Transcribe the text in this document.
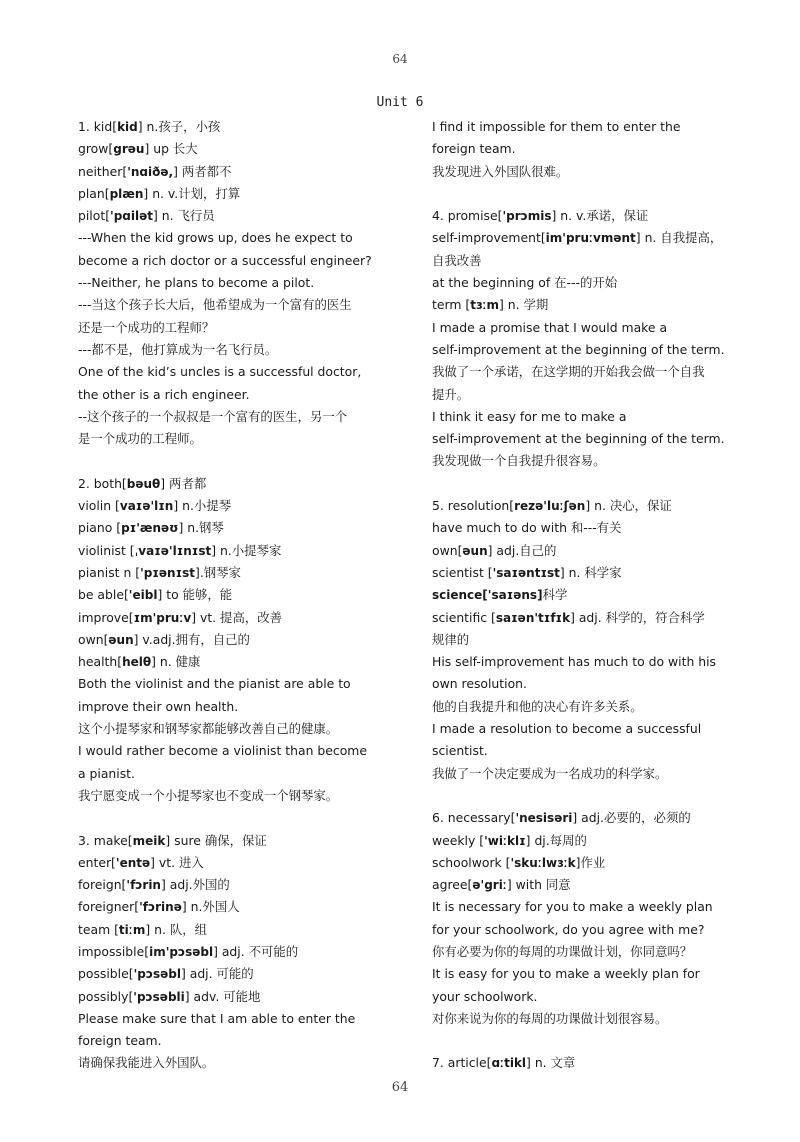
64
Unit 6
1. kid[kid] n.孩子，小孩
grow[grəu] up 长大
neither['nɑiðə,] 两者都不
plan[plæn] n. v.计划，打算
pilot['pɑilət] n. 飞行员
---When the kid grows up, does he expect to
become a rich doctor or a successful engineer?
---Neither, he plans to become a pilot.
---当这个孩子长大后，他希望成为一个富有的医生
还是一个成功的工程师？
---都不是，他打算成为一名飞行员。
One of the kid’s uncles is a successful doctor,
the other is a rich engineer.
--这个孩子的一个叔叔是一个富有的医生，另一个
是一个成功的工程师。
2. both[bəuθ] 两者都
violin [vaɪə'lɪn] n.小提琴
piano [pɪ'ænəʊ] n.钢琴
violinist [ˌvaɪə'lɪnɪst] n.小提琴家
pianist n ['pɪənɪst].钢琴家
be able['eibl] to 能够，能
improve[ɪm'pruːv] vt. 提高，改善
own[əun] v.adj.拥有，自己的
health[helθ] n. 健康
Both the violinist and the pianist are able to
improve their own health.
这个小提琴家和钢琴家都能够改善自己的健康。
I would rather become a violinist than become
a pianist.
我宁愿变成一个小提琴家也不变成一个钢琴家。
3. make[meik] sure 确保，保证
enter['entə] vt. 进入
foreign['fɔrin] adj.外国的
foreigner['fɔrinə] n.外国人
team [tiːm] n. 队，组
impossible[im'pɔsəbl] adj. 不可能的
possible['pɔsəbl] adj. 可能的
possibly['pɔsəbli] adv. 可能地
Please make sure that I am able to enter the
foreign team.
请确保我能进入外国队。
I find it impossible for them to enter the
foreign team.
我发现进入外国队很难。
4. promise['prɔmis] n. v.承诺，保证
self-improvement[im'pruːvmənt] n. 自我提高，
自我改善
at the beginning of 在---的开始
term [tɜːm] n. 学期
I made a promise that I would make a
self-improvement at the beginning of the term.
我做了一个承诺，在这学期的开始我会做一个自我
提升。
I think it easy for me to make a
self-improvement at the beginning of the term.
我发现做一个自我提升很容易。
5. resolution[rezə'luːʃən] n. 决心，保证
have much to do with 和---有关
own[əun] adj.自己的
scientist ['saɪəntɪst] n. 科学家
science['saɪəns]科学
scientific [saɪən'tɪfɪk] adj. 科学的，符合科学
规律的
His self-improvement has much to do with his
own resolution.
他的自我提升和他的决心有许多关系。
I made a resolution to become a successful
scientist.
我做了一个决定要成为一名成功的科学家。
6. necessary['nesisəri] adj.必要的，必须的
weekly ['wiːklɪ] dj.每周的
schoolwork ['skuːlwɜːk]作业
agree[ə'griː] with 同意
It is necessary for you to make a weekly plan
for your schoolwork, do you agree with me?
你有必要为你的每周的功课做计划，你同意吗？
It is easy for you to make a weekly plan for
your schoolwork.
对你来说为你的每周的功课做计划很容易。
7. article[ɑːtikl] n. 文章
64
